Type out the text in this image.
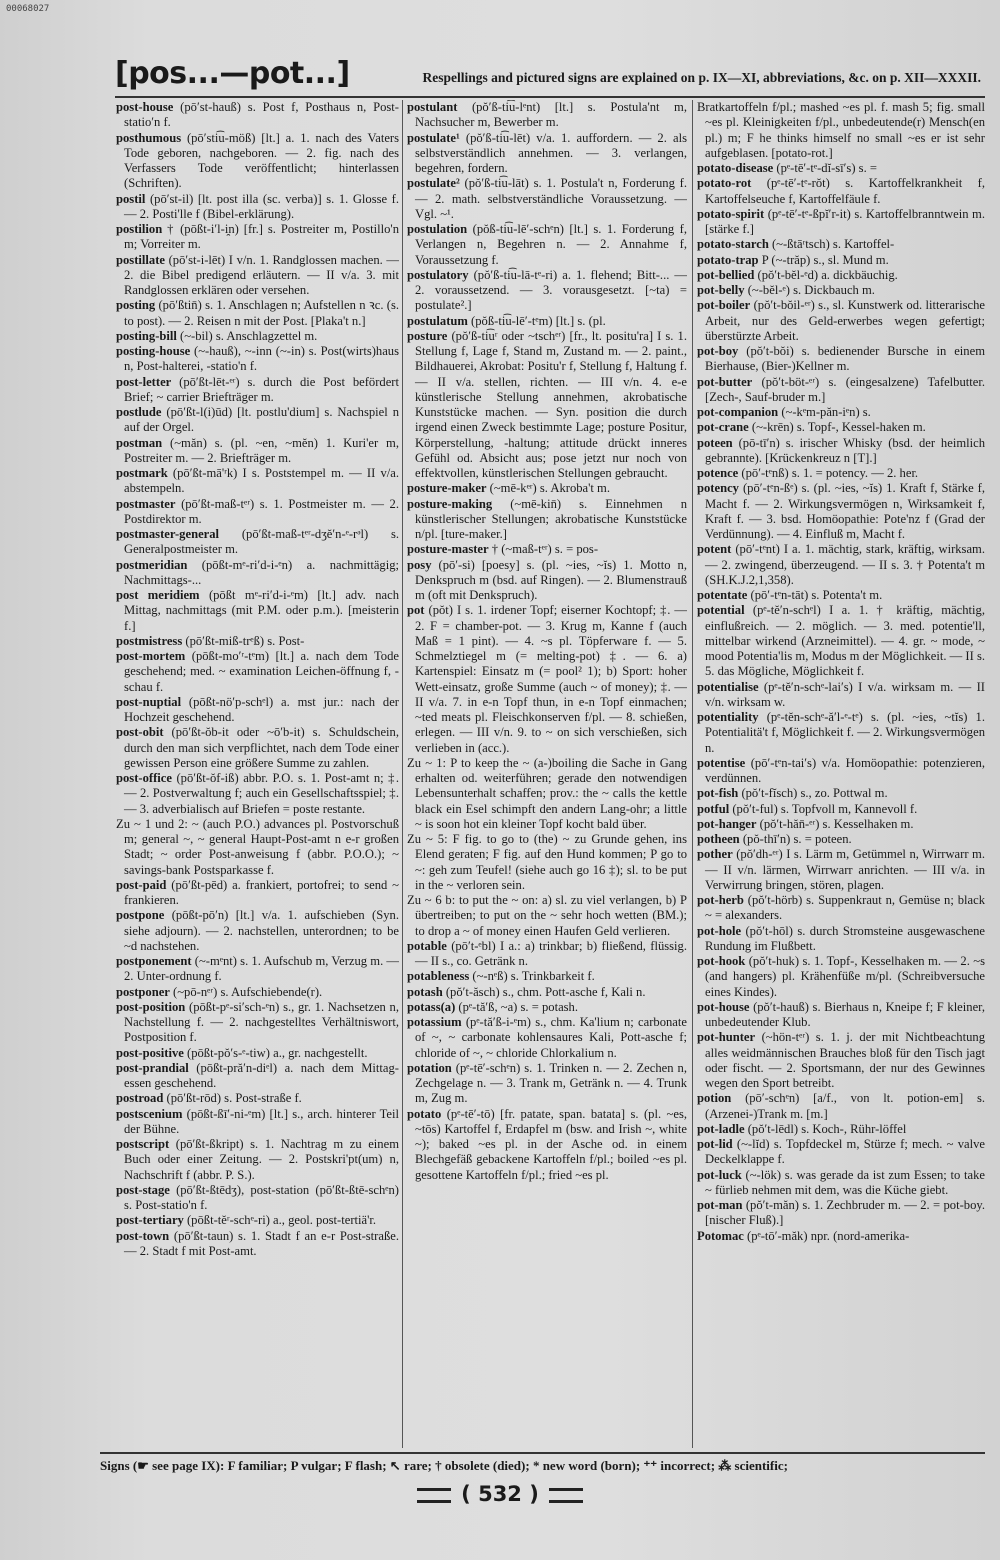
00068027
[pos...—pot...]	Respellings and pictured signs are explained on p. IX—XI, abbreviations, &c. on p. XII—XXXII.

post-house (pōʹst-hauß) s. Post f, Posthaus n, Post-statioʹn f.

posthumous (pōʹsti͡u-möß) [lt.] a. 1. nach des Vaters Tode geboren, nachgeboren. — 2. fig. nach des Verfassers Tode veröffentlicht; hinterlassen (Schriften).

postil (pōʹst-il) [lt. post illa (sc. verba)] s. 1. Glosse f. — 2. Posti'lle f (Bibel-erklärung).

postilion † (pōßt-iʹl-i̯n) [fr.] s. Postreiter m, Postillo'n m; Vorreiter m.

postillate (pōʹst-i-lēt) I v/n. 1. Randglossen machen. — 2. die Bibel predigend erläutern. — II v/a. 3. mit Randglossen erklären oder versehen.

posting (pōʹßtin̄) s. 1. Anschlagen n; Aufstellen n ꝛc. (s. to post). — 2. Reisen n mit der Post. [Plaka't n.]

posting-bill (~-bil) s. Anschlagzettel m.

posting-house (~-hauß), ~-inn (~-in) s. Post(wirts)haus n, Post-halterei, -statio'n f.

post-letter (pōʹßt-lēt-ᵉʳ) s. durch die Post befördert Brief; ~ carrier Briefträger m.

postlude (pōʹßt-l(i)ūd) [lt. postlu'dium] s. Nachspiel n auf der Orgel.

postman (~măn) s. (pl. ~en, ~mĕn) 1. Kuri'er m, Postreiter m. — 2. Briefträger m.

postmark (pōʹßt-mā'ʳk) I s. Poststempel m. — II v/a. abstempeln.

postmaster (pōʹßt-maß-tᵉʳ) s. 1. Postmeister m. — 2. Postdirektor m.

postmaster-general (pōʹßt-maß-tᵉʳ-dʒĕʹn-ᵉ-rᵊl) s. Generalpostmeister m.

postmeridian (pōßt-mᵉ-riʹd-i-ᵉn) a. nachmittägig; Nachmittags-...

post meridiem (pōßt mᵉ-riʹd-i-ᵉm) [lt.] adv. nach Mittag, nachmittags (mit P.M. oder p.m.). [meisterin f.]

postmistress (pōʹßt-miß-trᵉß) s. Post-

post-mortem (pōßt-moʹʳ-tᵉm) [lt.] a. nach dem Tode geschehend; med. ~ examination Leichen-öffnung f, -schau f.

post-nuptial (pōßt-nöʹp-schᵉl) a. mst jur.: nach der Hochzeit geschehend.

post-obit (pōʹßt-ŏb-it oder ~ōʹb-it) s. Schuldschein, durch den man sich verpflichtet, nach dem Tode einer gewissen Person eine größere Summe zu zahlen.

post-office (pōʹßt-ŏf-iß) abbr. P.O. s. 1. Post-amt n; ‡. — 2. Postverwaltung f; auch ein Gesellschaftsspiel; ‡. — 3. adverbialisch auf Briefen = poste restante.

Zu ~ 1 und 2: ~ (auch P.O.) advances pl. Postvorschuß m; general ~, ~ general Haupt-Post-amt n e-r großen Stadt; ~ order Post-anweisung f (abbr. P.O.O.); ~ savings-bank Postsparkasse f.

post-paid (pōʹßt-pēd) a. frankiert, portofrei; to send ~ frankieren.

postpone (pōßt-pōʹn) [lt.] v/a. 1. aufschieben (Syn. siehe adjourn). — 2. nachstellen, unterordnen; to be ~d nachstehen.

postponement (~-mᵉnt) s. 1. Aufschub m, Verzug m. — 2. Unter-ordnung f.

postponer (~pō-nᵉʳ) s. Aufschiebende(r).

post-position (pōßt-pᵉ-siʹsch-ᵉn) s., gr. 1. Nachsetzen n, Nachstellung f. — 2. nachgestelltes Verhältniswort, Postposition f.

post-positive (pōßt-pŏʹs-ᵉ-tiw) a., gr. nachgestellt.

post-prandial (pōßt-prăʹn-diᵉl) a. nach dem Mittag-essen geschehend.

postroad (pōʹßt-rōd) s. Post-straße f.

postscenium (pōßt-ßīʹ-ni-ᵉm) [lt.] s., arch. hinterer Teil der Bühne.

postscript (pōʹßt-ßkript) s. 1. Nachtrag m zu einem Buch oder einer Zeitung. — 2. Postskri'pt(um) n, Nachschrift f (abbr. P. S.).

post-stage (pōʹßt-ßtēdʒ), post-station (pōʹßt-ßtē-schᵉn) s. Post-statio'n f.

post-tertiary (pōßt-tĕʳ-schᵉ-ri) a., geol. post-tertiä'r.

post-town (pōʹßt-taun) s. 1. Stadt f an e-r Post-straße. — 2. Stadt f mit Post-amt.

postulant (pŏʹß-ti͡u-lᵉnt) [lt.] s. Postula'nt m, Nachsucher m, Bewerber m.

postulate¹ (pŏʹß-ti͡u-lēt) v/a. 1. auffordern. — 2. als selbstverständlich annehmen. — 3. verlangen, begehren, fordern.

postulate² (pŏʹß-ti͡u-lāt) s. 1. Postula't n, Forderung f. — 2. math. selbstverständliche Voraussetzung. — Vgl. ~¹.

postulation (pŏß-ti͡u-lēʹ-schᵉn) [lt.] s. 1. Forderung f, Verlangen n, Begehren n. — 2. Annahme f, Voraussetzung f.

postulatory (pŏʹß-ti͡u-lā-tᵉ-ri) a. 1. flehend; Bitt-... — 2. voraussetzend. — 3. vorausgesetzt. [~ta) = postulate².]

postulatum (pŏß-ti͡u-lēʹ-tᵉm) [lt.] s. (pl.

posture (pŏʹß-ti͡uʳ oder ~tschᵉʳ) [fr., lt. positu'ra] I s. 1. Stellung f, Lage f, Stand m, Zustand m. — 2. paint., Bildhauerei, Akrobat: Positu'r f, Stellung f, Haltung f. — II v/a. stellen, richten. — III v/n. 4. e-e künstlerische Stellung annehmen, akrobatische Kunststücke machen. — Syn. position die durch irgend einen Zweck bestimmte Lage; posture Positur, Körperstellung, -haltung; attitude drückt inneres Gefühl od. Absicht aus; pose jetzt nur noch von effektvollen, künstlerischen Stellungen gebraucht.

posture-maker (~mē-kᵉʳ) s. Akroba't m.

posture-making (~mē-kin̄) s. Einnehmen n künstlerischer Stellungen; akrobatische Kunststücke n/pl. [ture-maker.]

posture-master † (~maß-tᵉʳ) s. = pos-

posy (pōʹ-si) [poesy] s. (pl. ~ies, ~ĭs) 1. Motto n, Denkspruch m (bsd. auf Ringen). — 2. Blumenstrauß m (oft mit Denkspruch).

pot (pŏt) I s. 1. irdener Topf; eiserner Kochtopf; ‡. — 2. F = chamber-pot. — 3. Krug m, Kanne f (auch Maß = 1 pint). — 4. ~s pl. Töpferware f. — 5. Schmelztiegel m (= melting-pot) ‡. — 6. a) Kartenspiel: Einsatz m (= pool² 1); b) Sport: hoher Wett-einsatz, große Summe (auch ~ of money); ‡. — II v/a. 7. in e-n Topf thun, in e-n Topf einmachen; ~ted meats pl. Fleischkonserven f/pl. — 8. schießen, erlegen. — III v/n. 9. to ~ on sich verschießen, sich verlieben in (acc.).

Zu ~ 1: P to keep the ~ (a-)boiling die Sache in Gang erhalten od. weiterführen; gerade den notwendigen Lebensunterhalt schaffen; prov.: the ~ calls the kettle black ein Esel schimpft den andern Lang-ohr; a little ~ is soon hot ein kleiner Topf kocht bald über.

Zu ~ 5: F fig. to go to (the) ~ zu Grunde gehen, ins Elend geraten; F fig. auf den Hund kommen; P go to ~: geh zum Teufel! (siehe auch go 16 ‡); sl. to be put in the ~ verloren sein.

Zu ~ 6 b: to put the ~ on: a) sl. zu viel verlangen, b) P übertreiben; to put on the ~ sehr hoch wetten (BM.); to drop a ~ of money einen Haufen Geld verlieren.

potable (pōʹt-ᵉbl) I a.: a) trinkbar; b) fließend, flüssig. — II s., co. Getränk n.

potableness (~-nᵉß) s. Trinkbarkeit f.

potash (pŏʹt-ăsch) s., chm. Pott-asche f, Kali n.

potass(a) (pᵉ-tăʹß, ~a) s. = potash.

potassium (pᵉ-tăʹß-i-ᵉm) s., chm. Ka'lium n; carbonate of ~, ~ carbonate kohlensaures Kali, Pott-asche f; chloride of ~, ~ chloride Chlorkalium n.

potation (pᵉ-tēʹ-schᵉn) s. 1. Trinken n. — 2. Zechen n, Zechgelage n. — 3. Trank m, Getränk n. — 4. Trunk m, Zug m.

potato (pᵉ-tēʹ-tō) [fr. patate, span. batata] s. (pl. ~es, ~tōs) Kartoffel f, Erdapfel m (bsw. and Irish ~, white ~); baked ~es pl. in der Asche od. in einem Blechgefäß gebackene Kartoffeln f/pl.; boiled ~es pl. gesottene Kartoffeln f/pl.; fried ~es pl.

Bratkartoffeln f/pl.; mashed ~es pl. f. mash 5; fig. small ~es pl. Kleinigkeiten f/pl., unbedeutende(r) Mensch(en pl.) m; F he thinks himself no small ~es er ist sehr aufgeblasen. [potato-rot.]

potato-disease (pᵉ-tēʹ-tᵉ-dĭ-sīʹs) s. =

potato-rot (pᵉ-tēʹ-tᵉ-rŏt) s. Kartoffelkrankheit f, Kartoffelseuche f, Kartoffelfäule f.

potato-spirit (pᵉ-tēʹ-tᵉ-ßpĭʹr-it) s. Kartoffelbranntwein m. [stärke f.]

potato-starch (~-ßtāʳtsch) s. Kartoffel-

potato-trap P (~-trăp) s., sl. Mund m.

pot-bellied (pŏʹt-bĕl-ᵉd) a. dickbäuchig.

pot-belly (~-bĕl-ᵉ) s. Dickbauch m.

pot-boiler (pŏʹt-bŏil-ᵉʳ) s., sl. Kunstwerk od. litterarische Arbeit, nur des Geld-erwerbes wegen gefertigt; überstürzte Arbeit.

pot-boy (pŏʹt-bŏi) s. bedienender Bursche in einem Bierhause, (Bier-)Kellner m.

pot-butter (pŏʹt-böt-ᵉʳ) s. (eingesalzene) Tafelbutter. [Zech-, Sauf-bruder m.]

pot-companion (~-kᵉm-păn-iᵉn) s.

pot-crane (~-krēn) s. Topf-, Kessel-haken m.

poteen (pō-tīʹn) s. irischer Whisky (bsd. der heimlich gebrannte). [Krückenkreuz n [T].]

potence (pōʹ-tᵉnß) s. 1. = potency. — 2. her.

potency (pōʹ-tᵉn-ßᵉ) s. (pl. ~ies, ~ĭs) 1. Kraft f, Stärke f, Macht f. — 2. Wirkungsvermögen n, Wirksamkeit f, Kraft f. — 3. bsd. Homöopathie: Pote'nz f (Grad der Verdünnung). — 4. Einfluß m, Macht f.

potent (pōʹ-tᵉnt) I a. 1. mächtig, stark, kräftig, wirksam. — 2. zwingend, überzeugend. — II s. 3. † Potenta't m (SH.K.J.2,1,358).

potentate (pōʹ-tᵉn-tāt) s. Potenta't m.

potential (pᵉ-tĕʹn-schᵉl) I a. 1. † kräftig, mächtig, einflußreich. — 2. möglich. — 3. med. potentie'll, mittelbar wirkend (Arzneimittel). — 4. gr. ~ mode, ~ mood Potentia'lis m, Modus m der Möglichkeit. — II s. 5. das Mögliche, Möglichkeit f.

potentialise (pᵉ-tĕʹn-schᵉ-laiʹs) I v/a. wirksam m. — II v/n. wirksam w.

potentiality (pᵉ-tĕn-schᵉ-ăʹl-ᵉ-tᵉ) s. (pl. ~ies, ~tĭs) 1. Potentialitä't f, Möglichkeit f. — 2. Wirkungsvermögen n.

potentise (pōʹ-tᵉn-taiʹs) v/a. Homöopathie: potenzieren, verdünnen.

pot-fish (pŏʹt-fĭsch) s., zo. Pottwal m.

potful (pŏʹt-ful) s. Topfvoll m, Kannevoll f.

pot-hanger (pŏʹt-hăn̄-ᵉʳ) s. Kesselhaken m.

potheen (pŏ-thīʹn) s. = poteen.

pother (pŏʹdh-ᵉʳ) I s. Lärm m, Getümmel n, Wirrwarr m. — II v/n. lärmen, Wirrwarr anrichten. — III v/a. in Verwirrung bringen, stören, plagen.

pot-herb (pŏʹt-hörb) s. Suppenkraut n, Gemüse n; black ~ = alexanders.

pot-hole (pŏʹt-hōl) s. durch Stromsteine ausgewaschene Rundung im Flußbett.

pot-hook (pŏʹt-huk) s. 1. Topf-, Kesselhaken m. — 2. ~s (and hangers) pl. Krähenfüße m/pl. (Schreibversuche eines Kindes).

pot-house (pŏʹt-hauß) s. Bierhaus n, Kneipe f; F kleiner, unbedeutender Klub.

pot-hunter (~hön-tᵉʳ) s. 1. j. der mit Nichtbeachtung alles weidmännischen Brauches bloß für den Tisch jagt oder fischt. — 2. Sportsmann, der nur des Gewinnes wegen den Sport betreibt.

potion (pōʹ-schᵉn) [a/f., von lt. potion-em] s. (Arzenei-)Trank m. [m.]

pot-ladle (pŏʹt-lēdl) s. Koch-, Rühr-löffel

pot-lid (~-lĭd) s. Topfdeckel m, Stürze f; mech. ~ valve Deckelklappe f.

pot-luck (~-lök) s. was gerade da ist zum Essen; to take ~ fürlieb nehmen mit dem, was die Küche giebt.

pot-man (pŏʹt-măn) s. 1. Zechbruder m. — 2. = pot-boy. [nischer Fluß).]

Potomac (pᵉ-tōʹ-măk) npr. (nord-amerika-

Signs (☛ see page IX): F familiar; P vulgar; F flash; ↖ rare; † obsolete (died); * new word (born); ⁺⁺ incorrect; ⁂ scientific;
( 532 )
